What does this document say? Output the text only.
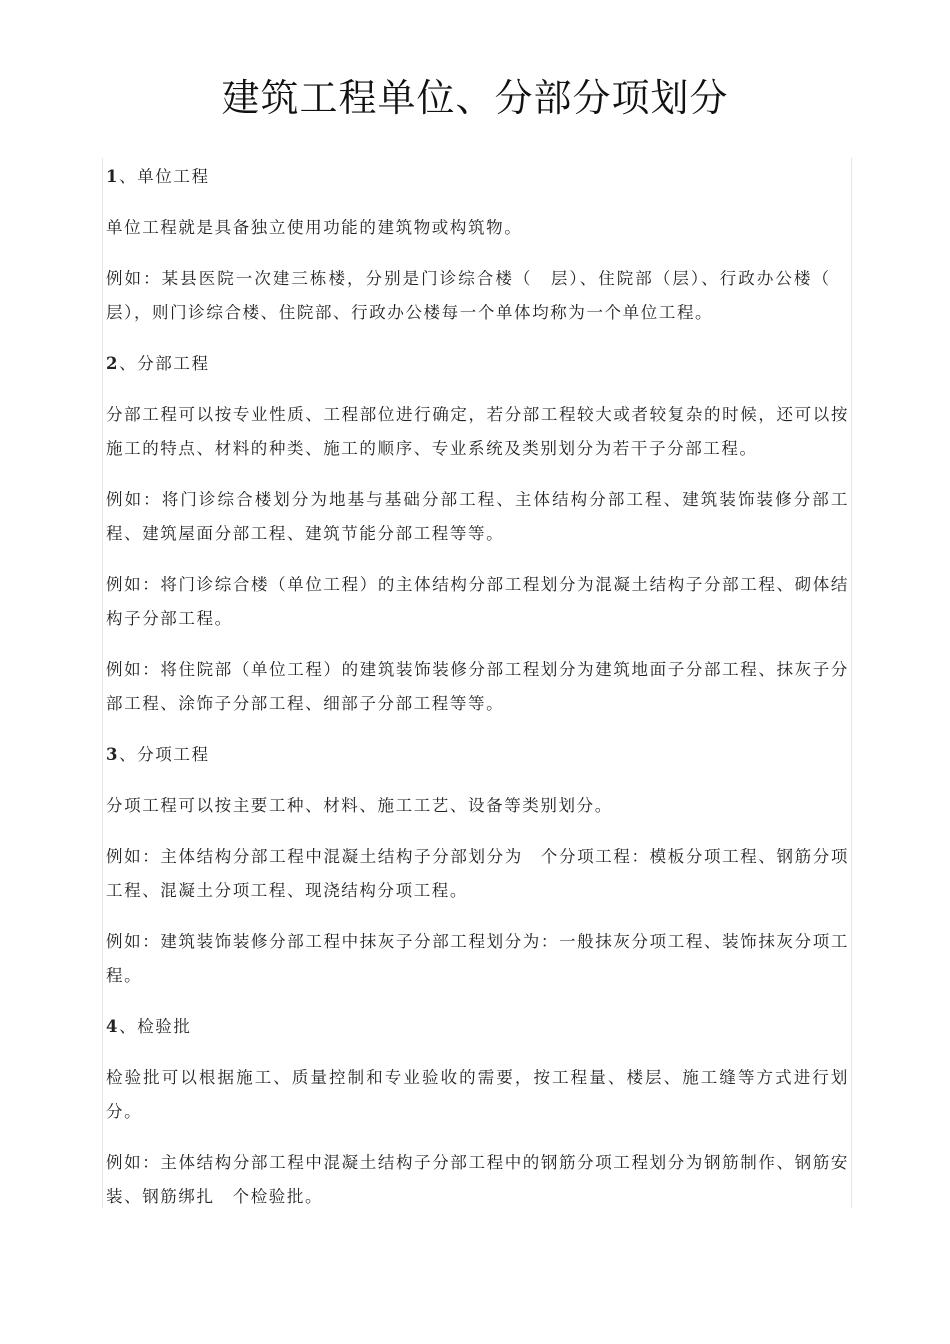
建筑工程单位、分部分项划分

1、单位工程

单位工程就是具备独立使用功能的建筑物或构筑物。

例如：某县医院一次建三栋楼，分别是门诊综合楼（ 层）、住院部（层）、行政办公楼（层），则门诊综合楼、住院部、行政办公楼每一个单体均称为一个单位工程。

2、分部工程

分部工程可以按专业性质、工程部位进行确定，若分部工程较大或者较复杂的时候，还可以按施工的特点、材料的种类、施工的顺序、专业系统及类别划分为若干子分部工程。

例如：将门诊综合楼划分为地基与基础分部工程、主体结构分部工程、建筑装饰装修分部工程、建筑屋面分部工程、建筑节能分部工程等等。

例如：将门诊综合楼（单位工程）的主体结构分部工程划分为混凝土结构子分部工程、砌体结构子分部工程。

例如：将住院部（单位工程）的建筑装饰装修分部工程划分为建筑地面子分部工程、抹灰子分部工程、涂饰子分部工程、细部子分部工程等等。

3、分项工程

分项工程可以按主要工种、材料、施工工艺、设备等类别划分。

例如：主体结构分部工程中混凝土结构子分部划分为 个分项工程：模板分项工程、钢筋分项工程、混凝土分项工程、现浇结构分项工程。

例如：建筑装饰装修分部工程中抹灰子分部工程划分为：一般抹灰分项工程、装饰抹灰分项工程。

4、检验批

检验批可以根据施工、质量控制和专业验收的需要，按工程量、楼层、施工缝等方式进行划分。

例如：主体结构分部工程中混凝土结构子分部工程中的钢筋分项工程划分为钢筋制作、钢筋安装、钢筋绑扎 个检验批。
